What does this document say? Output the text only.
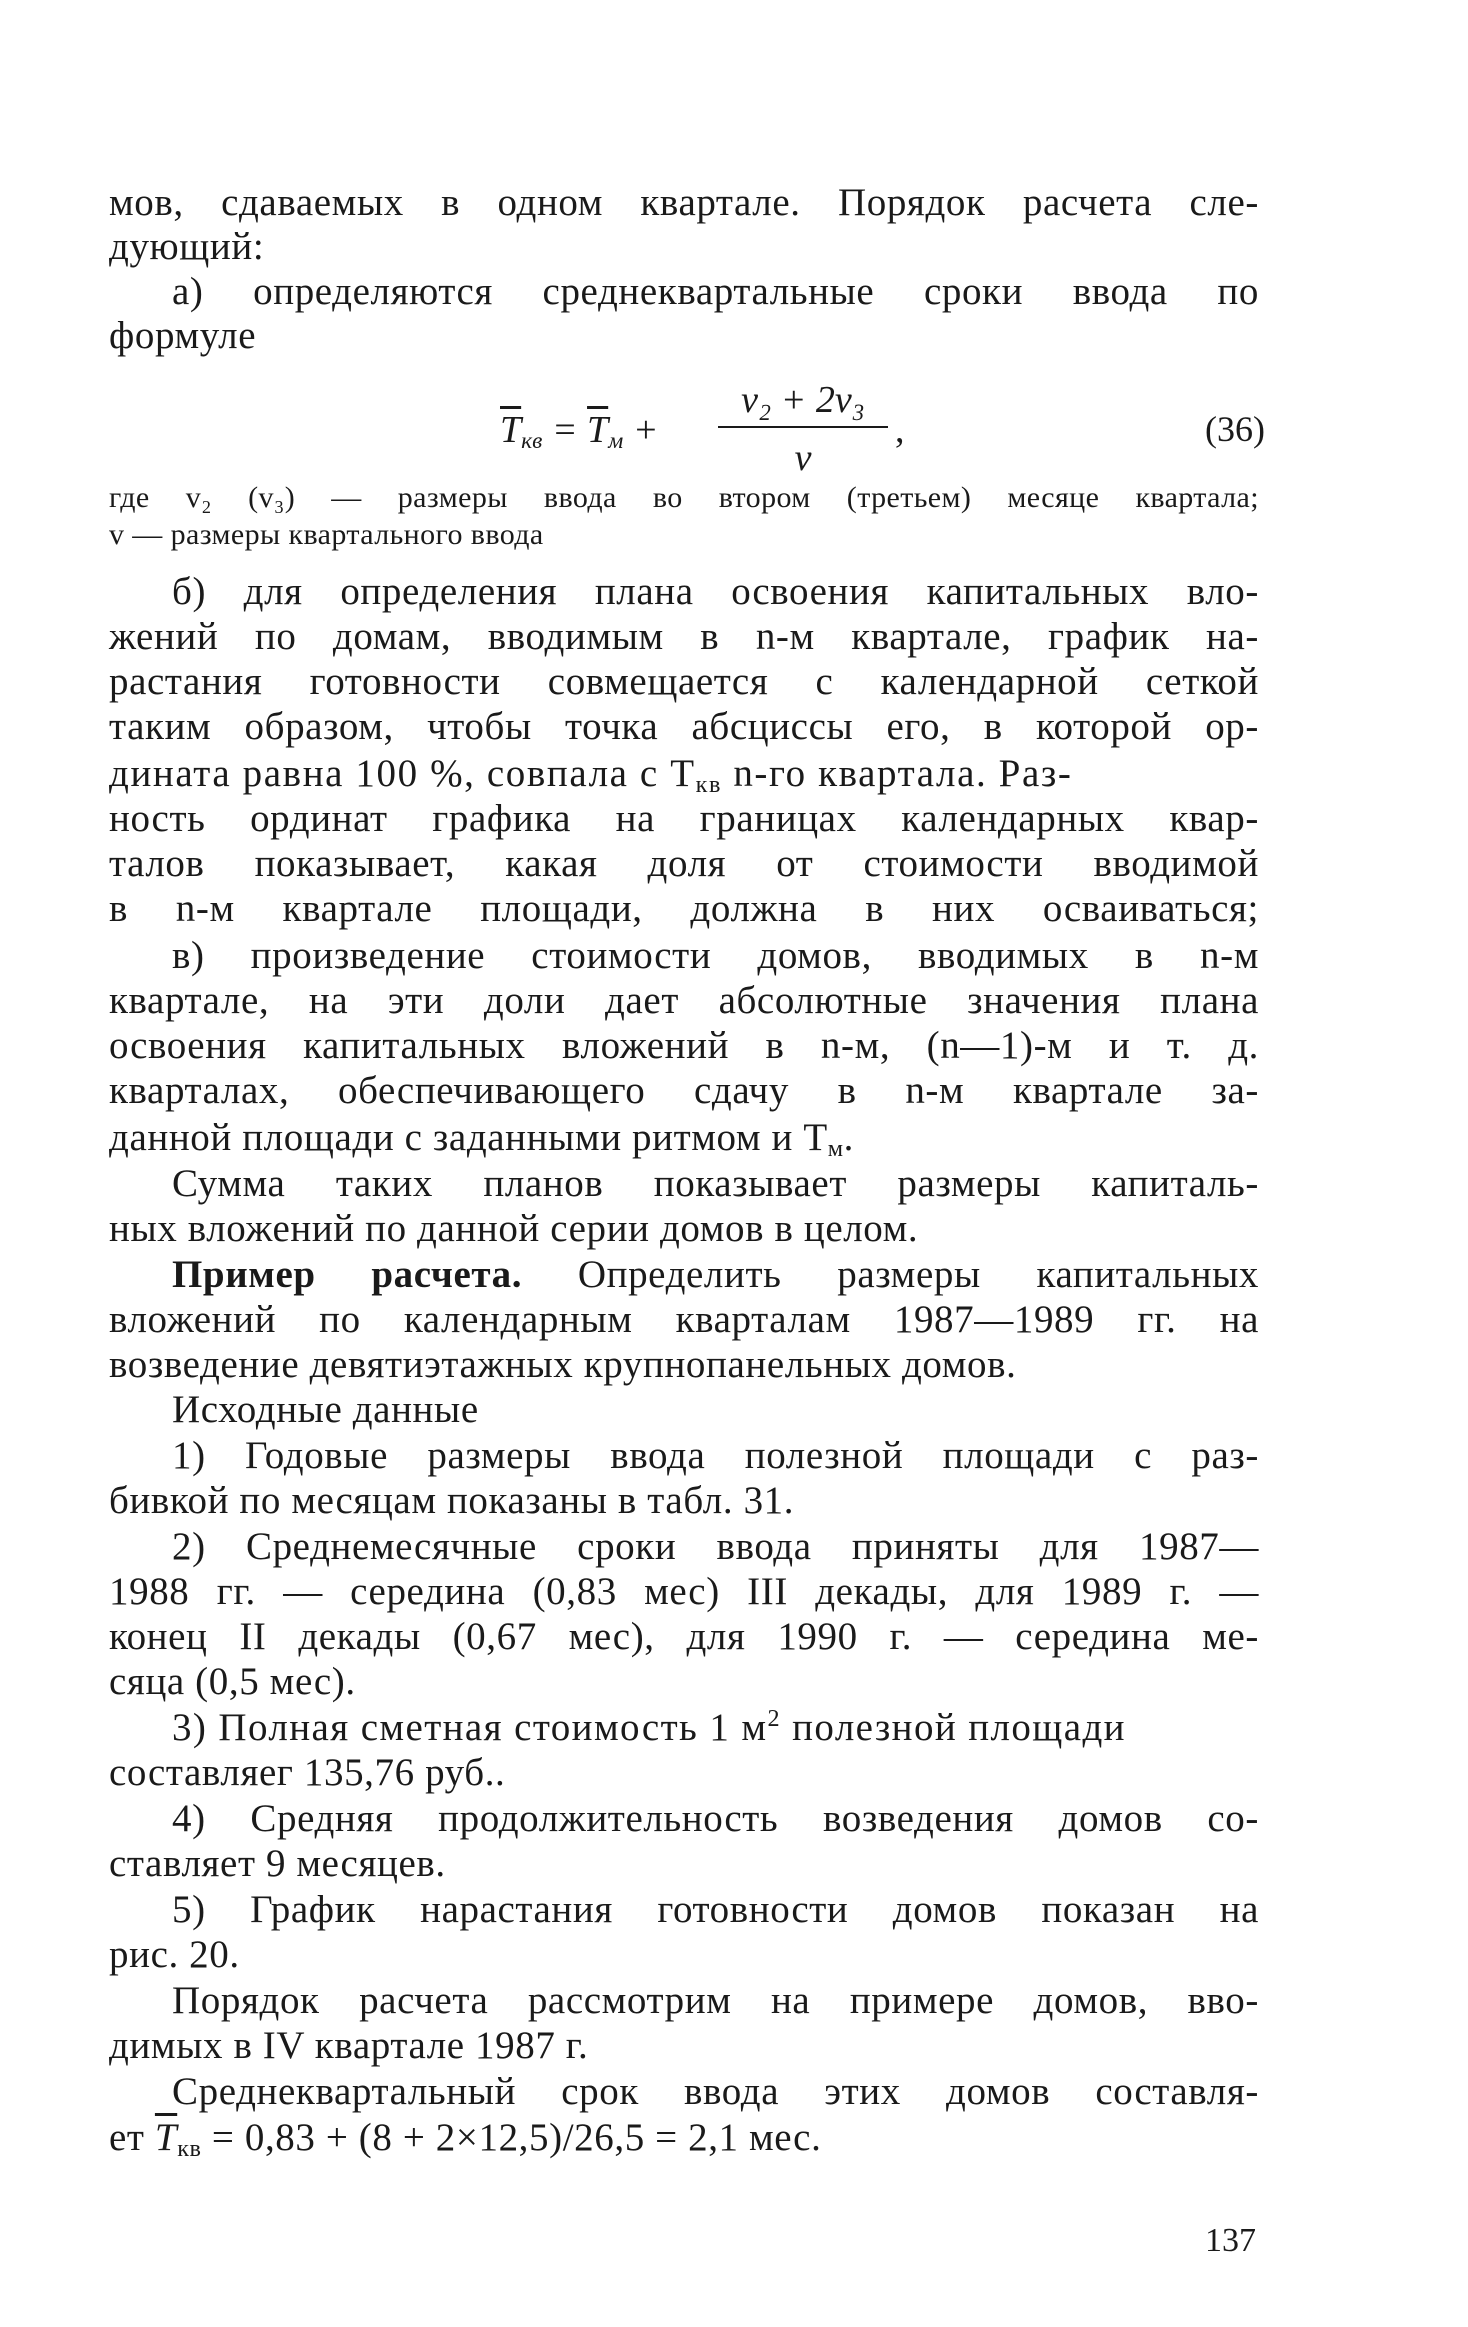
мов, сдаваемых в одном квартале. Порядок расчета сле-
дующий:
а) определяются среднеквартальные сроки ввода по
формуле
$\overline{T}_{кв} = \overline{T}_м$ +
v₂ + 2v₃
v
,	(36)
где v₂ (v₃) — размеры ввода во втором (третьем) месяце квартала;
v — размеры квартального ввода
б) для определения плана освоения капитальных вло-
жений по домам, вводимым в n-м квартале, график на-
растания готовности совмещается с календарной сеткой
таким образом, чтобы точка абсциссы его, в которой ор-
дината равна 100 %, совпала с $T_{кв}$ n-го квартала. Раз-
ность ординат графика на границах календарных квар-
талов показывает, какая доля от стоимости вводимой
в n-м квартале площади, должна в них осваиваться;
в) произведение стоимости домов, вводимых в n-м
квартале, на эти доли дает абсолютные значения плана
освоения капитальных вложений в n-м, (n—1)-м и т. д.
кварталах, обеспечивающего сдачу в n-м квартале за-
данной площади с заданными ритмом и $T_м$.
Сумма таких планов показывает размеры капиталь-
ных вложений по данной серии домов в целом.
Пример расчета. Определить размеры капитальных
вложений по календарным кварталам 1987—1989 гг. на
возведение девятиэтажных крупнопанельных домов.
Исходные данные
1) Годовые размеры ввода полезной площади с раз-
бивкой по месяцам показаны в табл. 31.
2) Среднемесячные сроки ввода приняты для 1987—
1988 гг. — середина (0,83 мес) III декады, для 1989 г. —
конец II декады (0,67 мес), для 1990 г. — середина ме-
сяца (0,5 мес).
3) Полная сметная стоимость 1 $м^2$ полезной площади
составляег 135,76 руб..
4) Средняя продолжительность возведения домов со-
ставляет 9 месяцев.
5) График нарастания готовности домов показан на
рис. 20.
Порядок расчета рассмотрим на примере домов, вво-
димых в IV квартале 1987 г.
Среднеквартальный срок ввода этих домов составля-
ет $\overline{T}_{кв} = 0,83 + (8 + 2\times 12,5)/26,5 = 2,1$ мес.
137
